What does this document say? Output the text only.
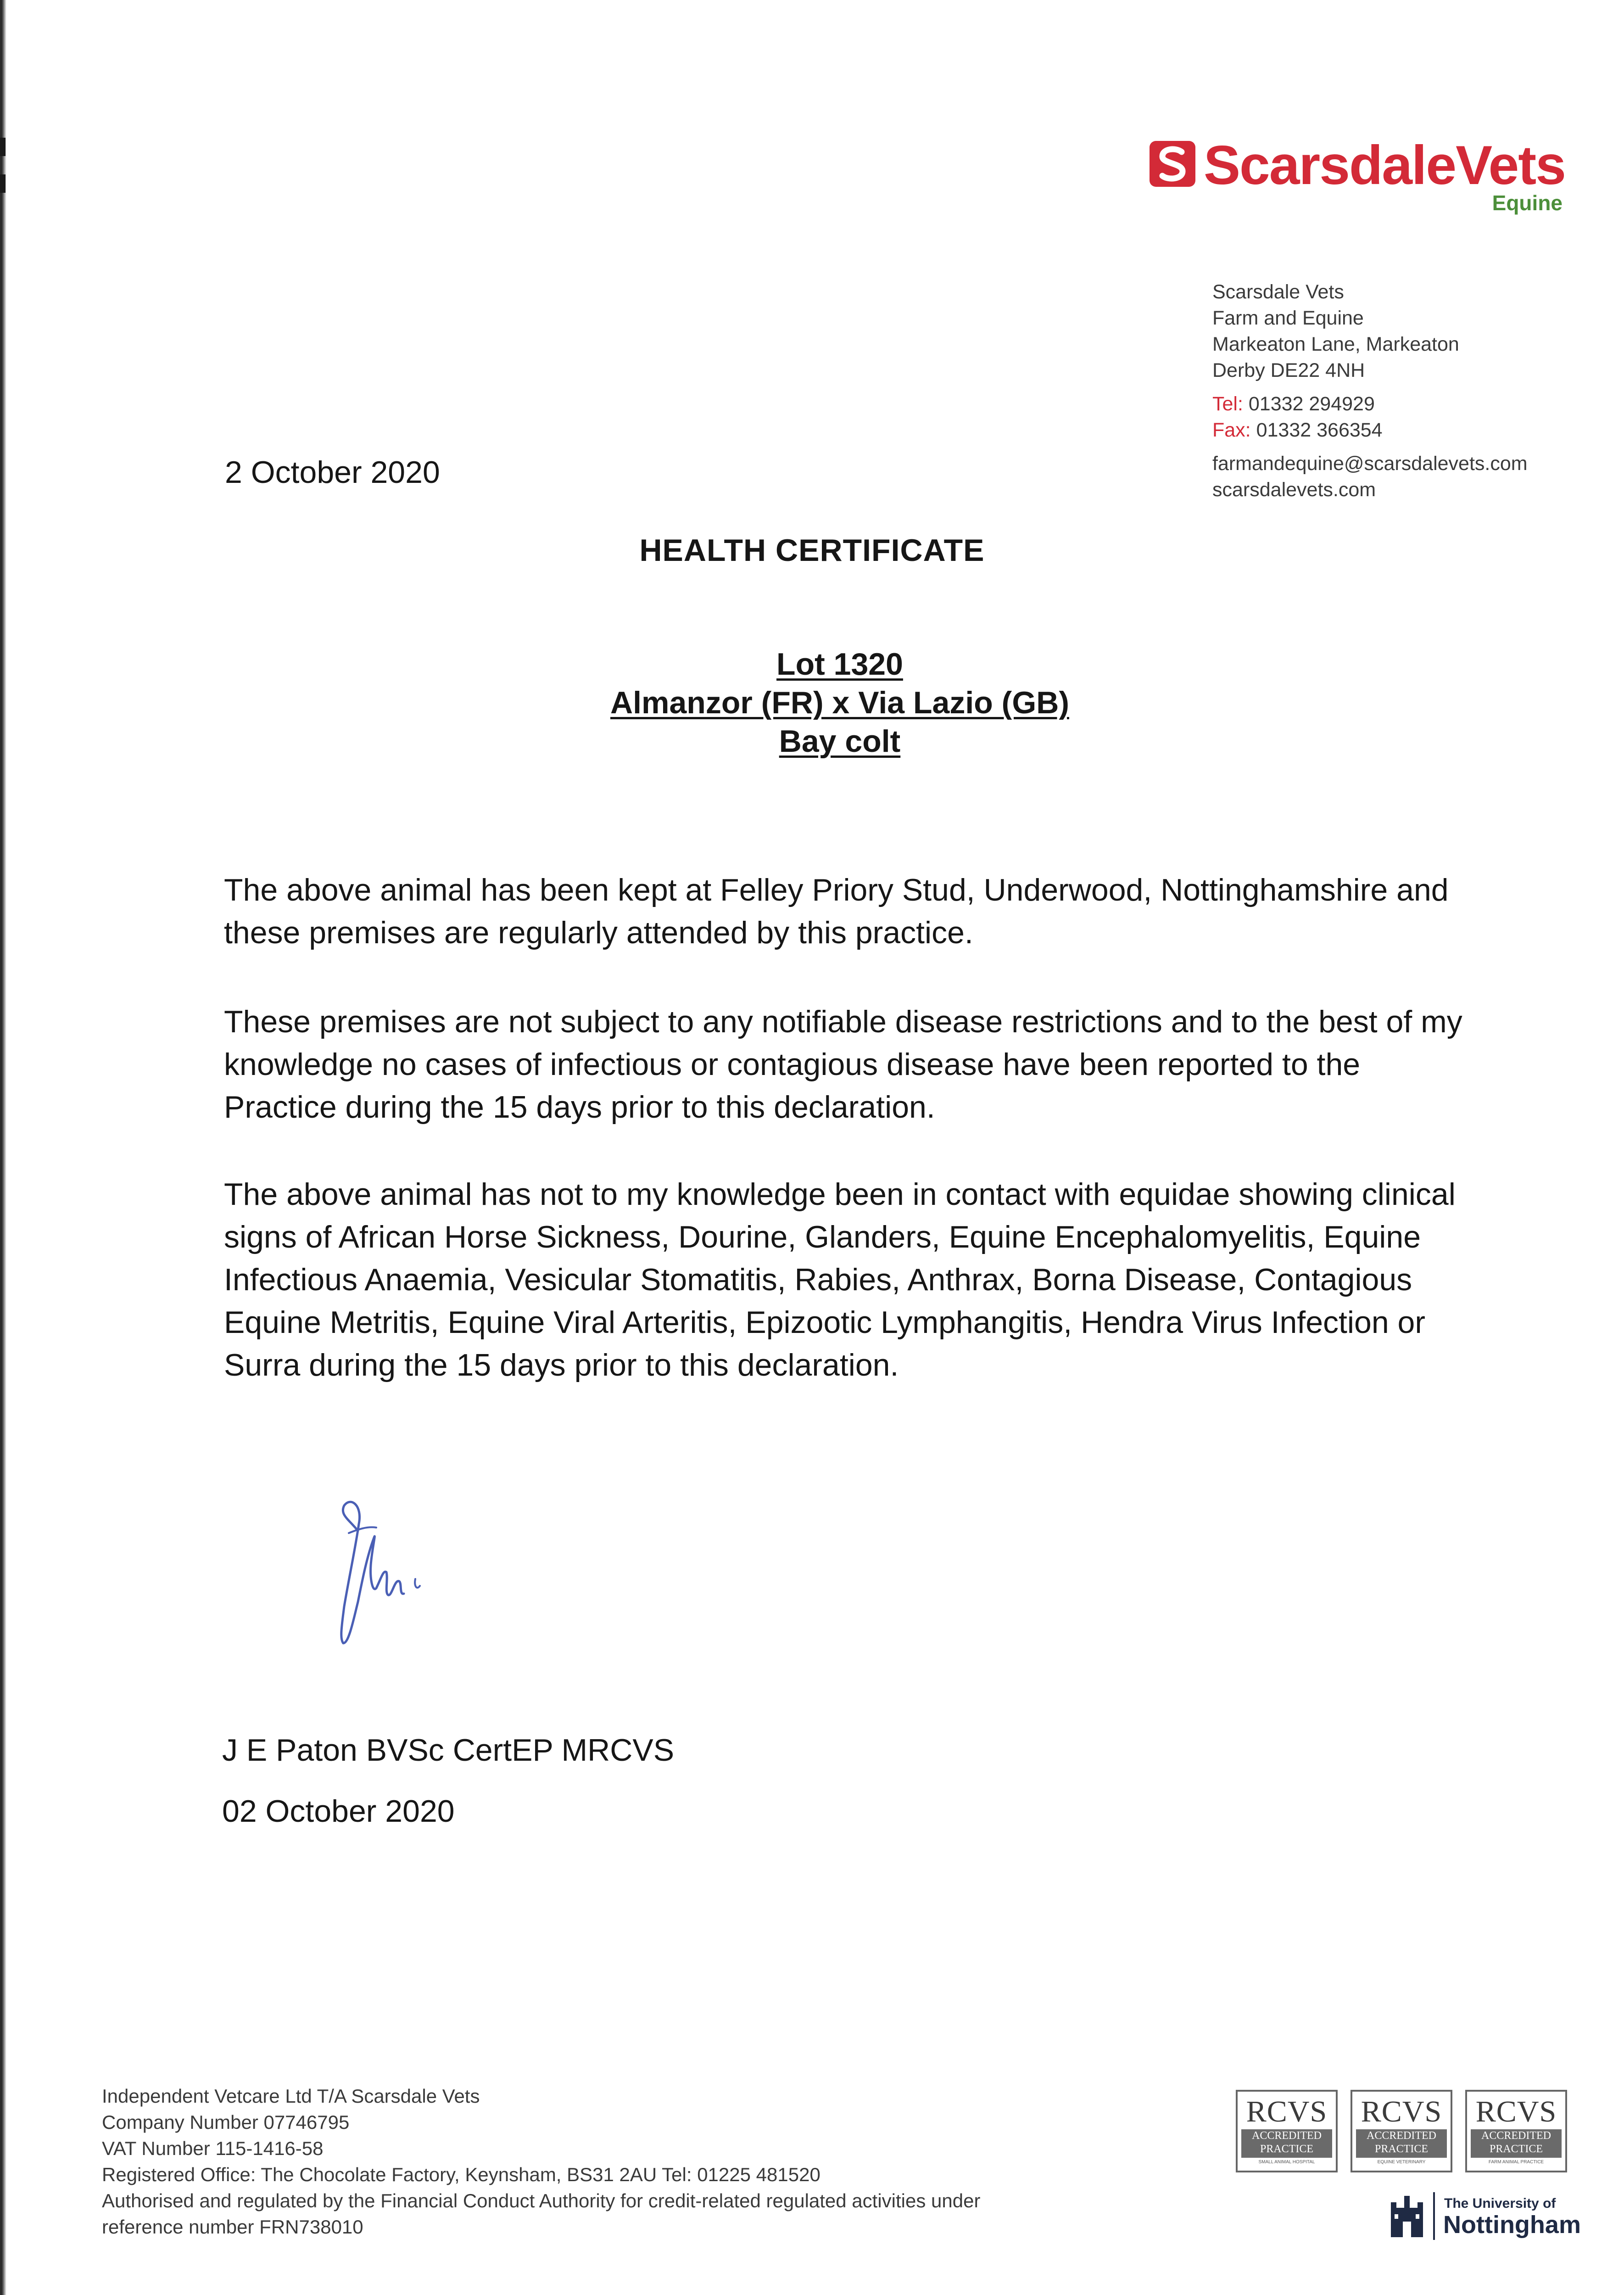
ScarsdaleVets
Equine
Scarsdale Vets
Farm and Equine
Markeaton Lane, Markeaton
Derby DE22 4NH
Tel: 01332 294929
Fax: 01332 366354
farmandequine@scarsdalevets.com
scarsdalevets.com
2 October 2020
HEALTH CERTIFICATE
Lot 1320
Almanzor (FR) x Via Lazio (GB)
Bay colt
The above animal has been kept at Felley Priory Stud, Underwood, Nottinghamshire and these premises are regularly attended by this practice.
These premises are not subject to any notifiable disease restrictions and to the best of my knowledge no cases of infectious or contagious disease have been reported to the Practice during the 15 days prior to this declaration.
The above animal has not to my knowledge been in contact with equidae showing clinical signs of African Horse Sickness, Dourine, Glanders, Equine Encephalomyelitis, Equine Infectious Anaemia, Vesicular Stomatitis, Rabies, Anthrax, Borna Disease, Contagious Equine Metritis, Equine Viral Arteritis, Epizootic Lymphangitis, Hendra Virus Infection or Surra during the 15 days prior to this declaration.
J E Paton BVSc CertEP MRCVS
02 October 2020
Independent Vetcare Ltd T/A Scarsdale Vets
Company Number 07746795
VAT Number 115-1416-58
Registered Office: The Chocolate Factory, Keynsham, BS31 2AU Tel: 01225 481520
Authorised and regulated by the Financial Conduct Authority for credit-related regulated activities under
reference number FRN738010
RCVS
ACCREDITED
PRACTICE
SMALL ANIMAL HOSPITAL
RCVS
ACCREDITED
PRACTICE
EQUINE VETERINARY
RCVS
ACCREDITED
PRACTICE
FARM ANIMAL PRACTICE
The University of
Nottingham
